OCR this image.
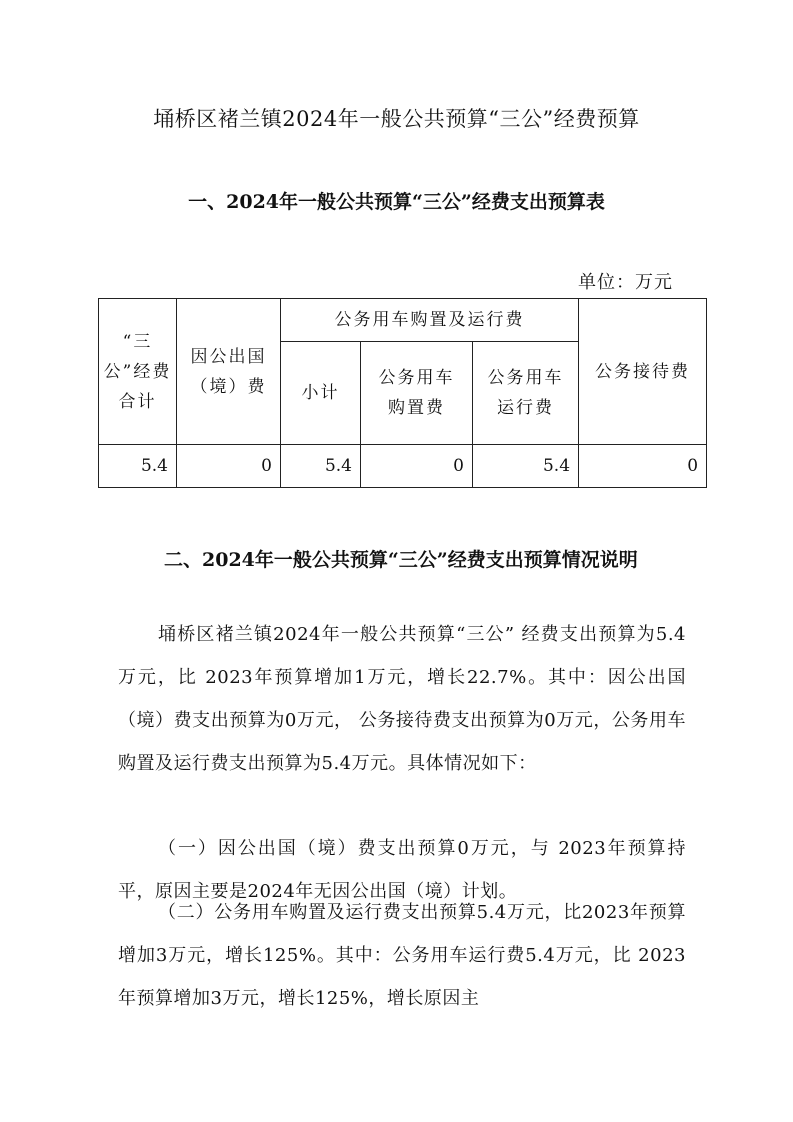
埇桥区褚兰镇2024年一般公共预算“三公”经费预算
一、2024年一般公共预算“三公”经费支出预算表
单位：万元
“三公”经费合计	因公出国（境）费	公务用车购置及运行费			公务接待费
		小计	公务用车购置费	公务用车运行费	
5.4	0	5.4	0	5.4	0
二、2024年一般公共预算“三公”经费支出预算情况说明
埇桥区褚兰镇2024年一般公共预算“三公” 经费支出预算为5.4万元，比 2023年预算增加1万元，增长22.7%。其中：因公出国（境）费支出预算为0万元， 公务接待费支出预算为0万元，公务用车购置及运行费支出预算为5.4万元。具体情况如下：
（一）因公出国（境）费支出预算0万元，与 2023年预算持平，原因主要是2024年无因公出国（境）计划。
（二）公务用车购置及运行费支出预算5.4万元，比2023年预算增加3万元，增长125%。其中：公务用车运行费5.4万元，比 2023年预算增加3万元，增长125%，增长原因主
